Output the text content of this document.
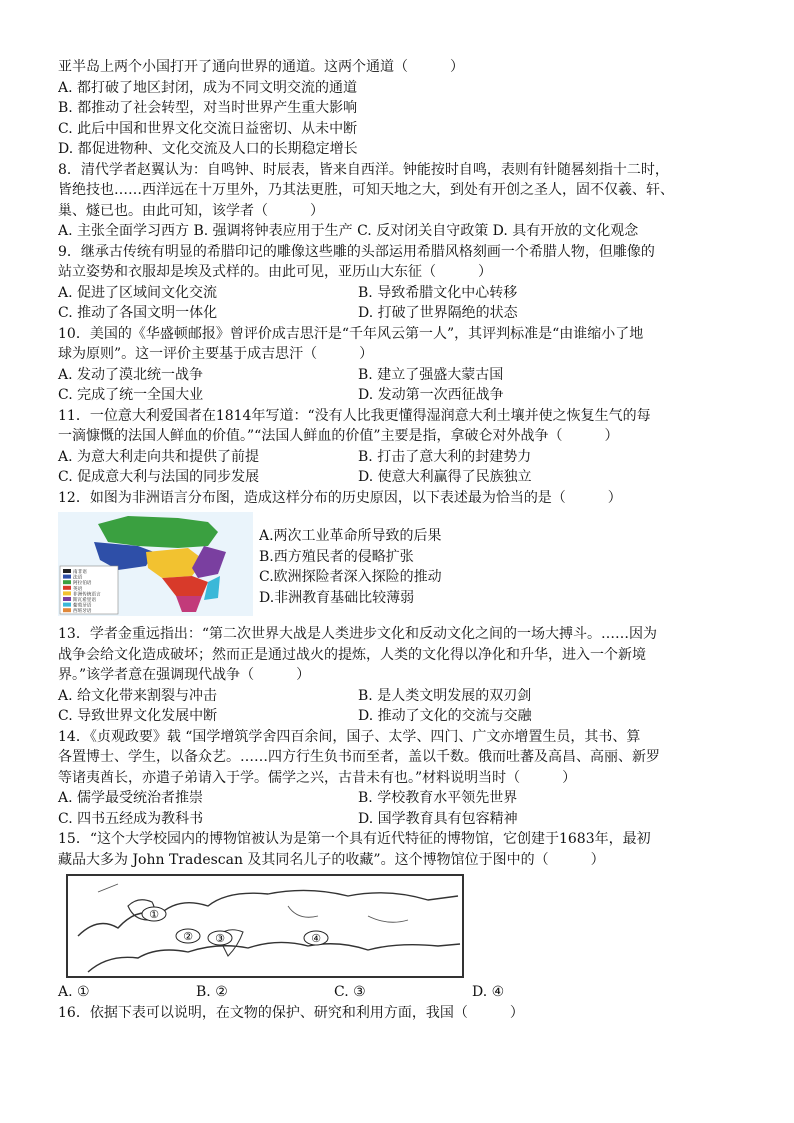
亚半岛上两个小国打开了通向世界的通道。这两个通道（　　　）
A. 都打破了地区封闭，成为不同文明交流的通道
B. 都推动了社会转型，对当时世界产生重大影响
C. 此后中国和世界文化交流日益密切、从未中断
D. 都促进物种、文化交流及人口的长期稳定增长
8．清代学者赵翼认为：自鸣钟、时辰表，皆来自西洋。钟能按时自鸣，表则有针随晷刻指十二时，
皆绝技也……西洋远在十万里外，乃其法更胜，可知天地之大，到处有开创之圣人，固不仅羲、轩、
巢、燧已也。由此可知，该学者（　　　）
A. 主张全面学习西方 B. 强调将钟表应用于生产 C. 反对闭关自守政策 D. 具有开放的文化观念
9．继承古传统有明显的希腊印记的雕像这些雕的头部运用希腊风格刻画一个希腊人物，但雕像的
站立姿势和衣服却是埃及式样的。由此可见，亚历山大东征（　　　）
A. 促进了区域间文化交流	B. 导致希腊文化中心转移
C. 推动了各国文明一体化	D. 打破了世界隔绝的状态
10．美国的《华盛顿邮报》曾评价成吉思汗是“千年风云第一人”，其评判标准是“由谁缩小了地
球为原则”。这一评价主要基于成吉思汗（　　　）
A. 发动了漠北统一战争	B. 建立了强盛大蒙古国
C. 完成了统一全国大业	D. 发动第一次西征战争
11．一位意大利爱国者在1814年写道：“没有人比我更懂得湿润意大利土壤并使之恢复生气的每
一滴慷慨的法国人鲜血的价值。”“法国人鲜血的价值”主要是指，拿破仑对外战争（　　　）
A. 为意大利走向共和提供了前提	B. 打击了意大利的封建势力
C. 促成意大利与法国的同步发展	D. 使意大利赢得了民族独立
12．如图为非洲语言分布图，造成这样分布的历史原因，以下表述最为恰当的是（　　　）
南非语
法语
阿拉伯语
英语
非洲传统语言
斯瓦希里语
葡萄牙语
西班牙语
A.两次工业革命所导致的后果
B.西方殖民者的侵略扩张
C.欧洲探险者深入探险的推动
D.非洲教育基础比较薄弱
13．学者金重远指出：“第二次世界大战是人类进步文化和反动文化之间的一场大搏斗。……因为
战争会给文化造成破坏；然而正是通过战火的提炼，人类的文化得以净化和升华，进入一个新境
界。”该学者意在强调现代战争（　　　）
A. 给文化带来割裂与冲击	B. 是人类文明发展的双刃剑
C. 导致世界文化发展中断	D. 推动了文化的交流与交融
14．《贞观政要》载 “国学增筑学舍四百余间，国子、太学、四门、广文亦增置生员，其书、算
各置博士、学生，以备众艺。……四方行生负书而至者，盖以千数。俄而吐蕃及高昌、高丽、新罗
等诸夷酋长，亦遣子弟请入于学。儒学之兴，古昔未有也。”材料说明当时（　　　）
A. 儒学最受统治者推崇	B. 学校教育水平领先世界
C. 四书五经成为教科书	D. 国学教育具有包容精神
15．“这个大学校园内的博物馆被认为是第一个具有近代特征的博物馆，它创建于1683年，最初
藏品大多为 John Tradescan 及其同名儿子的收藏”。这个博物馆位于图中的（　　　）
①
② ③	④
A. ①	B. ②	C. ③	D. ④
16．依据下表可以说明，在文物的保护、研究和利用方面，我国（　　　）
